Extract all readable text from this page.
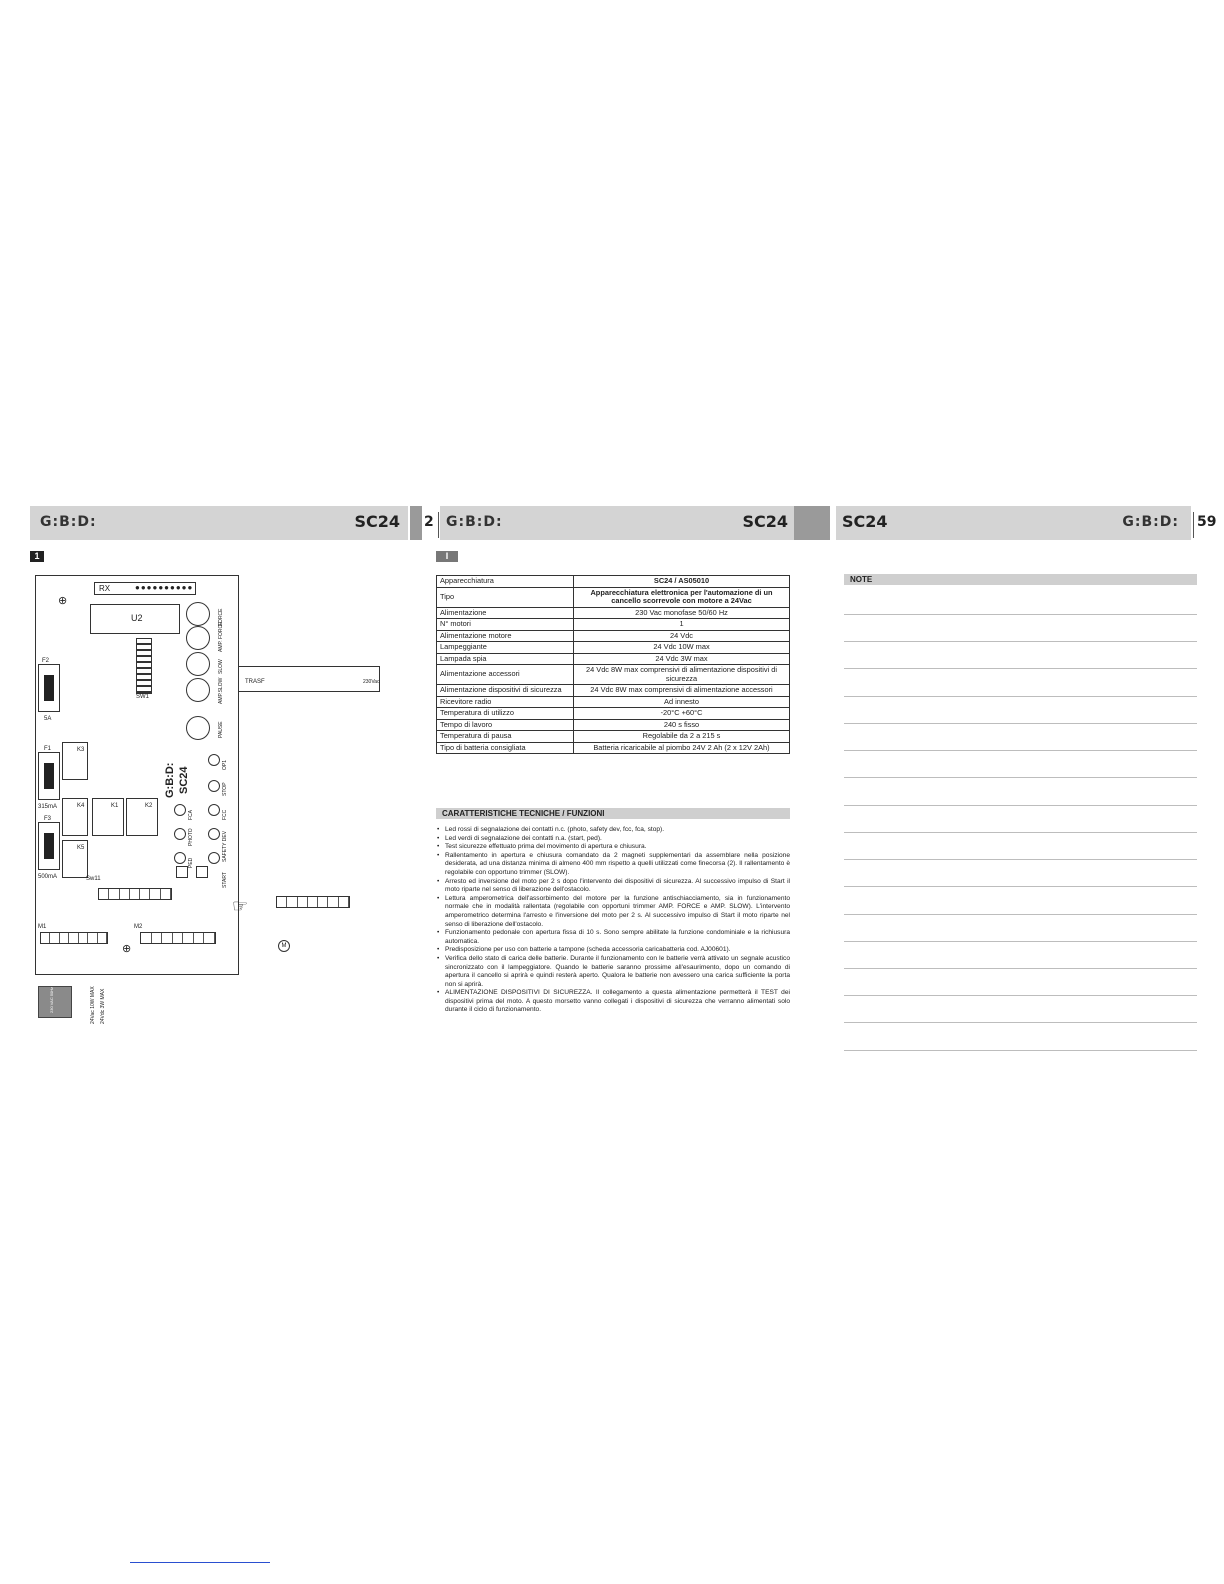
G:B:D:	SC24 2 G:B:D:	SC24	SC24	G:B:D: 59
1	I
RX	●●●●●●●●●●
⊕
U2
SW1
FORCE
AMP. FORCE
SLOW
AMP.SLOW
PAUSE
F2
5A
F1
315mA
F3
500mA
K3
K4	K1	K2
K5
G:B:D: SC24
OP1
STOP
FCC
FCA
PHOTO	SAFETY DEV
PED
START
Sw11
M1	M2
⊕
TRASF	230Vac
230 VAC 50Hz	24Vac 10W MAX 24Vdc 3W MAX
☞
M
Apparecchiatura	SC24 / AS05010
Tipo	Apparecchiatura elettronica per l'automazione di un cancello scorrevole con motore a 24Vac
Alimentazione	230 Vac monofase 50/60 Hz
N° motori	1
Alimentazione motore	24 Vdc
Lampeggiante	24 Vdc 10W max
Lampada spia	24 Vdc 3W max
Alimentazione accessori	24 Vdc 8W max comprensivi di alimentazione dispositivi di sicurezza
Alimentazione dispositivi di sicurezza	24 Vdc 8W max comprensivi di alimentazione accessori
Ricevitore radio	Ad innesto
Temperatura di utilizzo	-20°C +60°C
Tempo di lavoro	240 s fisso
Temperatura di pausa	Regolabile da 2 a 215 s
Tipo di batteria consigliata	Batteria ricaricabile al piombo 24V 2 Ah (2 x 12V 2Ah)
CARATTERISTICHE TECNICHE / FUNZIONI
• Led rossi di segnalazione dei contatti n.c. (photo, safety dev, fcc, fca, stop).
• Led verdi di segnalazione dei contatti n.a. (start, ped).
• Test sicurezze effettuato prima del movimento di apertura e chiusura.
• Rallentamento in apertura e chiusura comandato da 2 magneti supplementari da assemblare nella posizione desiderata, ad una distanza minima di almeno 400 mm rispetto a quelli utilizzati come finecorsa (2). Il rallentamento è regolabile con opportuno trimmer (SLOW).
• Arresto ed inversione del moto per 2 s dopo l'intervento dei dispositivi di sicurezza. Al successivo impulso di Start il moto riparte nel senso di liberazione dell'ostacolo.
• Lettura amperometrica dell'assorbimento del motore per la funzione antischiacciamento, sia in funzionamento normale che in modalità rallentata (regolabile con opportuni trimmer AMP. FORCE e AMP. SLOW). L'intervento amperometrico determina l'arresto e l'inversione del moto per 2 s. Al successivo impulso di Start il moto riparte nel senso di liberazione dell'ostacolo.
• Funzionamento pedonale con apertura fissa di 10 s. Sono sempre abilitate la funzione condominiale e la richiusura automatica.
• Predisposizione per uso con batterie a tampone (scheda accessoria caricabatteria cod. AJ00601).
• Verifica dello stato di carica delle batterie. Durante il funzionamento con le batterie verrà attivato un segnale acustico sincronizzato con il lampeggiatore. Quando le batterie saranno prossime all'esaurimento, dopo un comando di apertura il cancello si aprirà e quindi resterà aperto. Qualora le batterie non avessero una carica sufficiente la porta non si aprirà.
• ALIMENTAZIONE DISPOSITIVI DI SICUREZZA. Il collegamento a questa alimentazione permetterà il TEST dei dispositivi prima del moto. A questo morsetto vanno collegati i dispositivi di sicurezza che verranno alimentati solo durante il ciclo di funzionamento.
NOTE
